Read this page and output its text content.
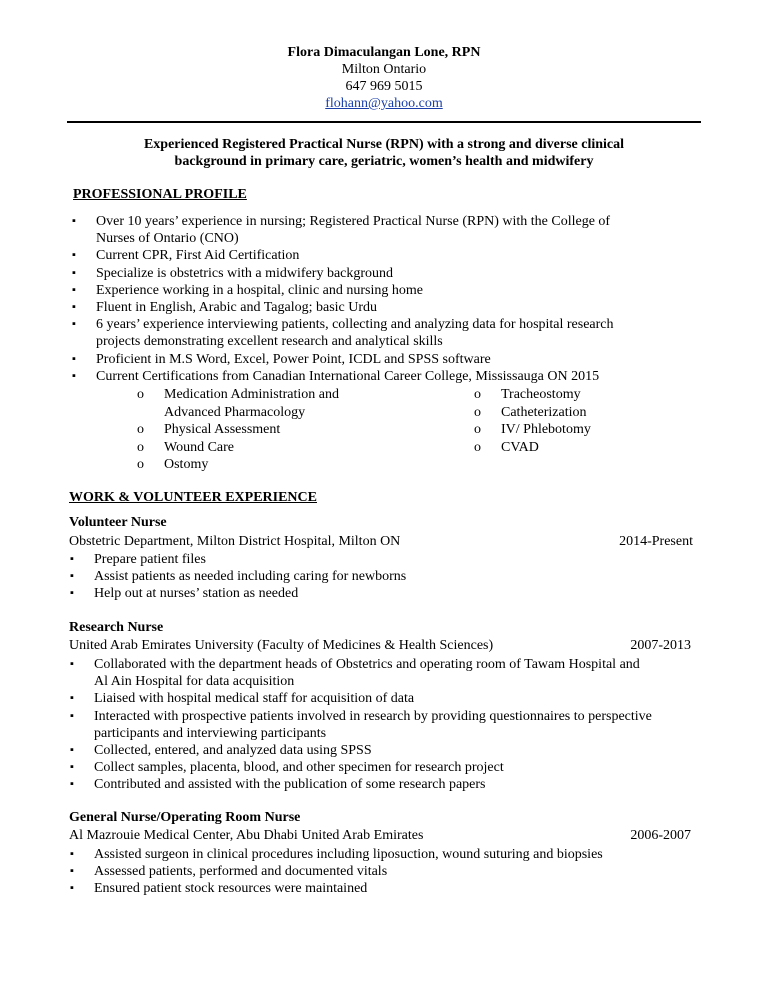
Flora Dimaculangan Lone, RPN
Milton Ontario
647 969 5015
flohann@yahoo.com
Experienced Registered Practical Nurse (RPN) with a strong and diverse clinical
background in primary care, geriatric, women’s health and midwifery
PROFESSIONAL PROFILE
▪ Over 10 years’ experience in nursing; Registered Practical Nurse (RPN) with the College of
Nurses of Ontario (CNO)
▪ Current CPR, First Aid Certification
▪ Specialize is obstetrics with a midwifery background
▪ Experience working in a hospital, clinic and nursing home
▪ Fluent in English, Arabic and Tagalog; basic Urdu
▪ 6 years’ experience interviewing patients, collecting and analyzing data for hospital research
projects demonstrating excellent research and analytical skills
▪ Proficient in M.S Word, Excel, Power Point, ICDL and SPSS software
▪ Current Certifications from Canadian International Career College, Mississauga ON 2015
o Medication Administration and
Advanced Pharmacology
o Physical Assessment
o Wound Care
o Ostomy
o Tracheostomy
o Catheterization
o IV/ Phlebotomy
o CVAD
WORK & VOLUNTEER EXPERIENCE
Volunteer Nurse
Obstetric Department, Milton District Hospital, Milton ON	2014-Present
▪ Prepare patient files
▪ Assist patients as needed including caring for newborns
▪ Help out at nurses’ station as needed
Research Nurse
United Arab Emirates University (Faculty of Medicines & Health Sciences)	2007-2013
▪ Collaborated with the department heads of Obstetrics and operating room of Tawam Hospital and
Al Ain Hospital for data acquisition
▪ Liaised with hospital medical staff for acquisition of data
▪ Interacted with prospective patients involved in research by providing questionnaires to perspective
participants and interviewing participants
▪ Collected, entered, and analyzed data using SPSS
▪ Collect samples, placenta, blood, and other specimen for research project
▪ Contributed and assisted with the publication of some research papers
General Nurse/Operating Room Nurse
Al Mazrouie Medical Center, Abu Dhabi United Arab Emirates	2006-2007
▪ Assisted surgeon in clinical procedures including liposuction, wound suturing and biopsies
▪ Assessed patients, performed and documented vitals
▪ Ensured patient stock resources were maintained
